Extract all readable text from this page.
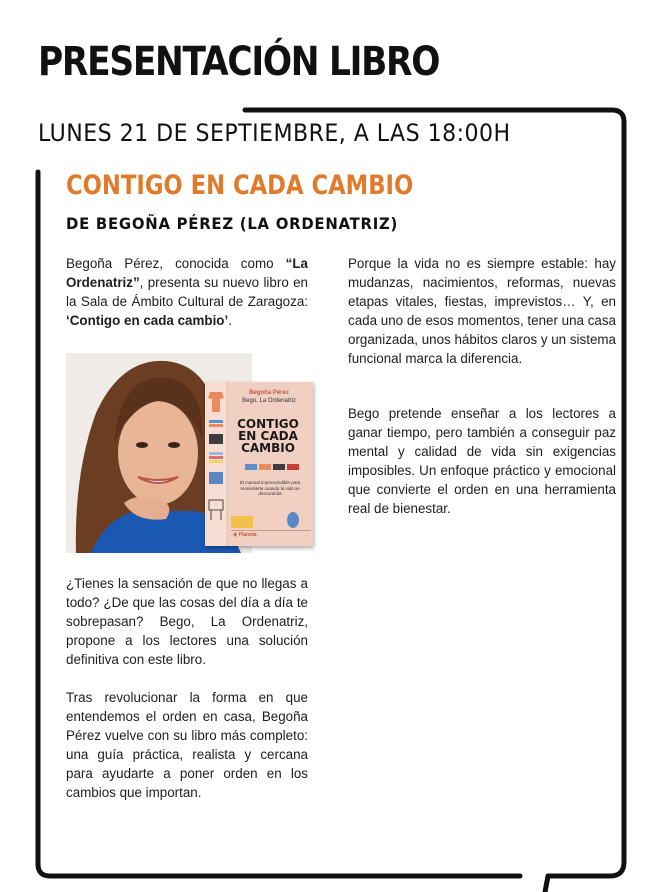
PRESENTACIÓN LIBRO
LUNES 21 DE SEPTIEMBRE, A LAS 18:00H
CONTIGO EN CADA CAMBIO
DE BEGOÑA PÉREZ (LA ORDENATRIZ)

Begoña Pérez, conocida como “La Ordenatriz”, presenta su nuevo libro en la Sala de Ámbito Cultural de Zaragoza: ‘Contigo en cada cambio’.

Begoña Pérez
Bego, La Ordenatriz
CONTIGO
EN CADA
CAMBIO
El manual imprescindible para reorientarte cuando la vida se descontrola
◉ Planeta

¿Tienes la sensación de que no llegas a todo? ¿De que las cosas del día a día te sobrepasan? Bego, La Ordenatriz, propone a los lectores una solución definitiva con este libro.

Tras revolucionar la forma en que entendemos el orden en casa, Begoña Pérez vuelve con su libro más completo: una guía práctica, realista y cercana para ayudarte a poner orden en los cambios que importan.

Porque la vida no es siempre estable: hay mudanzas, nacimientos, reformas, nuevas etapas vitales, fiestas, imprevistos… Y, en cada uno de esos momentos, tener una casa organizada, unos hábitos claros y un sistema funcional marca la diferencia.

Bego pretende enseñar a los lectores a ganar tiempo, pero también a conseguir paz mental y calidad de vida sin exigencias imposibles. Un enfoque práctico y emocional que convierte el orden en una herramienta real de bienestar.
